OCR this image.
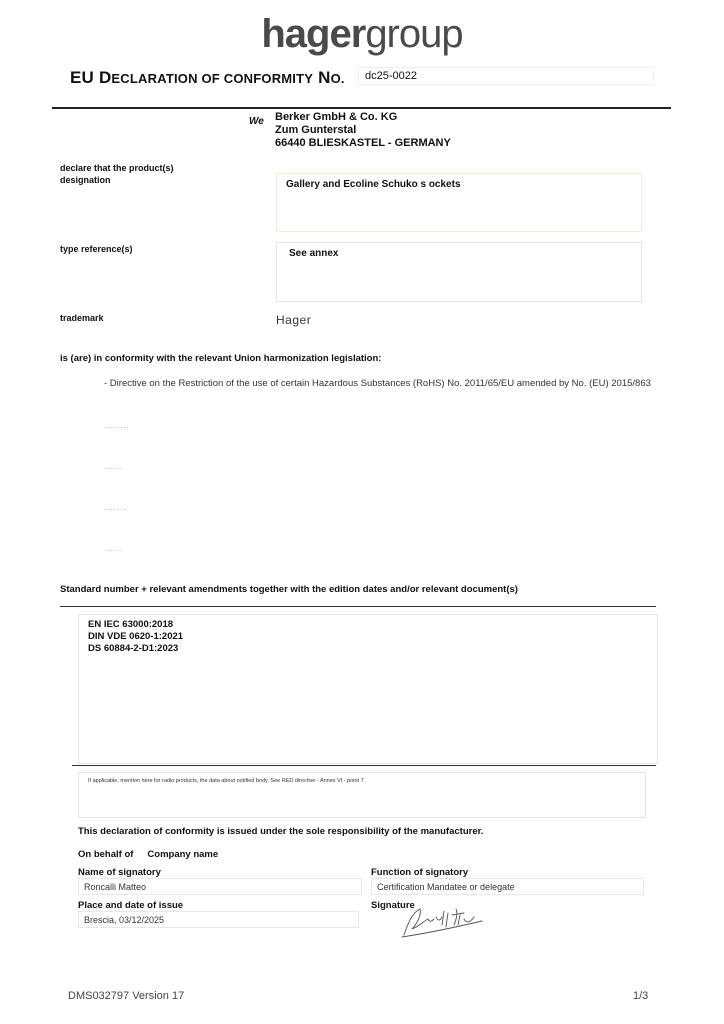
hagergroup
EU DECLARATION OF CONFORMITY NO.	dc25-0022
We Berker GmbH & Co. KG
Zum Gunterstal
66440 BLIESKASTEL - GERMANY
declare that the product(s)
designation	Gallery and Ecoline Schuko s ockets
type reference(s)	See annex
trademark	Hager
is (are) in conformity with the relevant Union harmonization legislation:
- Directive on the Restriction of the use of certain Hazardous Substances (RoHS) No. 2011/65/EU amended by No. (EU) 2015/863
........
......
.......
......
Standard number + relevant amendments together with the edition dates and/or relevant document(s)
EN IEC 63000:2018
DIN VDE 0620-1:2021
DS 60884-2-D1:2023
If applicable, mention here for radio products, the data about notified body. See RED directive - Annex VI - point 7
This declaration of conformity is issued under the sole responsibility of the manufacturer.
On behalf of Company name
Name of signatory
Roncalli Matteo
Function of signatory
Certification Mandatee or delegate
Place and date of issue
Brescia, 03/12/2025
Signature
DMS032797 Version 17	1/3
